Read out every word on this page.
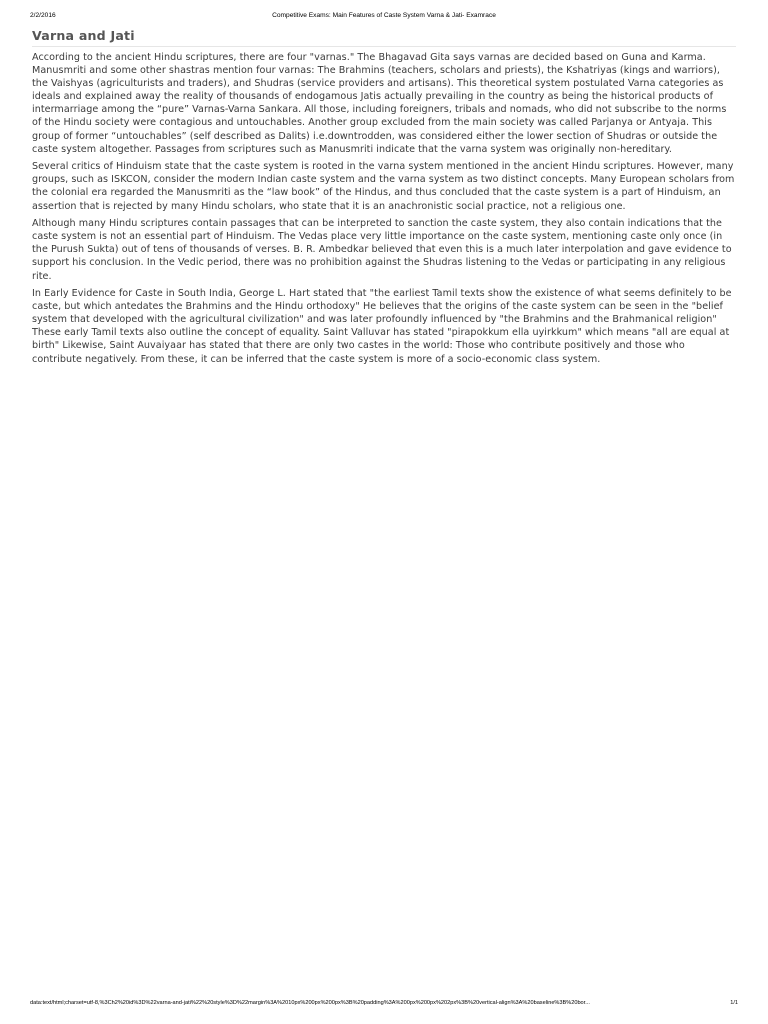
2/2/2016	Competitive Exams: Main Features of Caste System Varna & Jati- Examrace
Varna and Jati

According to the ancient Hindu scriptures, there are four "varnas." The Bhagavad Gita says varnas are decided based on Guna and Karma. Manusmriti and some other shastras mention four varnas: The Brahmins (teachers, scholars and priests), the Kshatriyas (kings and warriors), the Vaishyas (agriculturists and traders), and Shudras (service providers and artisans). This theoretical system postulated Varna categories as ideals and explained away the reality of thousands of endogamous Jatis actually prevailing in the country as being the historical products of intermarriage among the “pure” Varnas-Varna Sankara. All those, including foreigners, tribals and nomads, who did not subscribe to the norms of the Hindu society were contagious and untouchables. Another group excluded from the main society was called Parjanya or Antyaja. This group of former “untouchables” (self described as Dalits) i.e.downtrodden, was considered either the lower section of Shudras or outside the caste system altogether. Passages from scriptures such as Manusmriti indicate that the varna system was originally non-hereditary.

Several critics of Hinduism state that the caste system is rooted in the varna system mentioned in the ancient Hindu scriptures. However, many groups, such as ISKCON, consider the modern Indian caste system and the varna system as two distinct concepts. Many European scholars from the colonial era regarded the Manusmriti as the “law book” of the Hindus, and thus concluded that the caste system is a part of Hinduism, an assertion that is rejected by many Hindu scholars, who state that it is an anachronistic social practice, not a religious one.

Although many Hindu scriptures contain passages that can be interpreted to sanction the caste system, they also contain indications that the caste system is not an essential part of Hinduism. The Vedas place very little importance on the caste system, mentioning caste only once (in the Purush Sukta) out of tens of thousands of verses. B. R. Ambedkar believed that even this is a much later interpolation and gave evidence to support his conclusion. In the Vedic period, there was no prohibition against the Shudras listening to the Vedas or participating in any religious rite.

In Early Evidence for Caste in South India, George L. Hart stated that "the earliest Tamil texts show the existence of what seems definitely to be caste, but which antedates the Brahmins and the Hindu orthodoxy" He believes that the origins of the caste system can be seen in the "belief system that developed with the agricultural civilization" and was later profoundly influenced by "the Brahmins and the Brahmanical religion" These early Tamil texts also outline the concept of equality. Saint Valluvar has stated "pirapokkum ella uyirkkum" which means "all are equal at birth" Likewise, Saint Auvaiyaar has stated that there are only two castes in the world: Those who contribute positively and those who contribute negatively. From these, it can be inferred that the caste system is more of a socio-economic class system.

data:text/html;charset=utf-8,%3Ch2%20id%3D%22varna-and-jati%22%20style%3D%22margin%3A%2010px%200px%200px%3B%20padding%3A%200px%200px%202px%3B%20vertical-align%3A%20baseline%3B%20bor...	1/1
